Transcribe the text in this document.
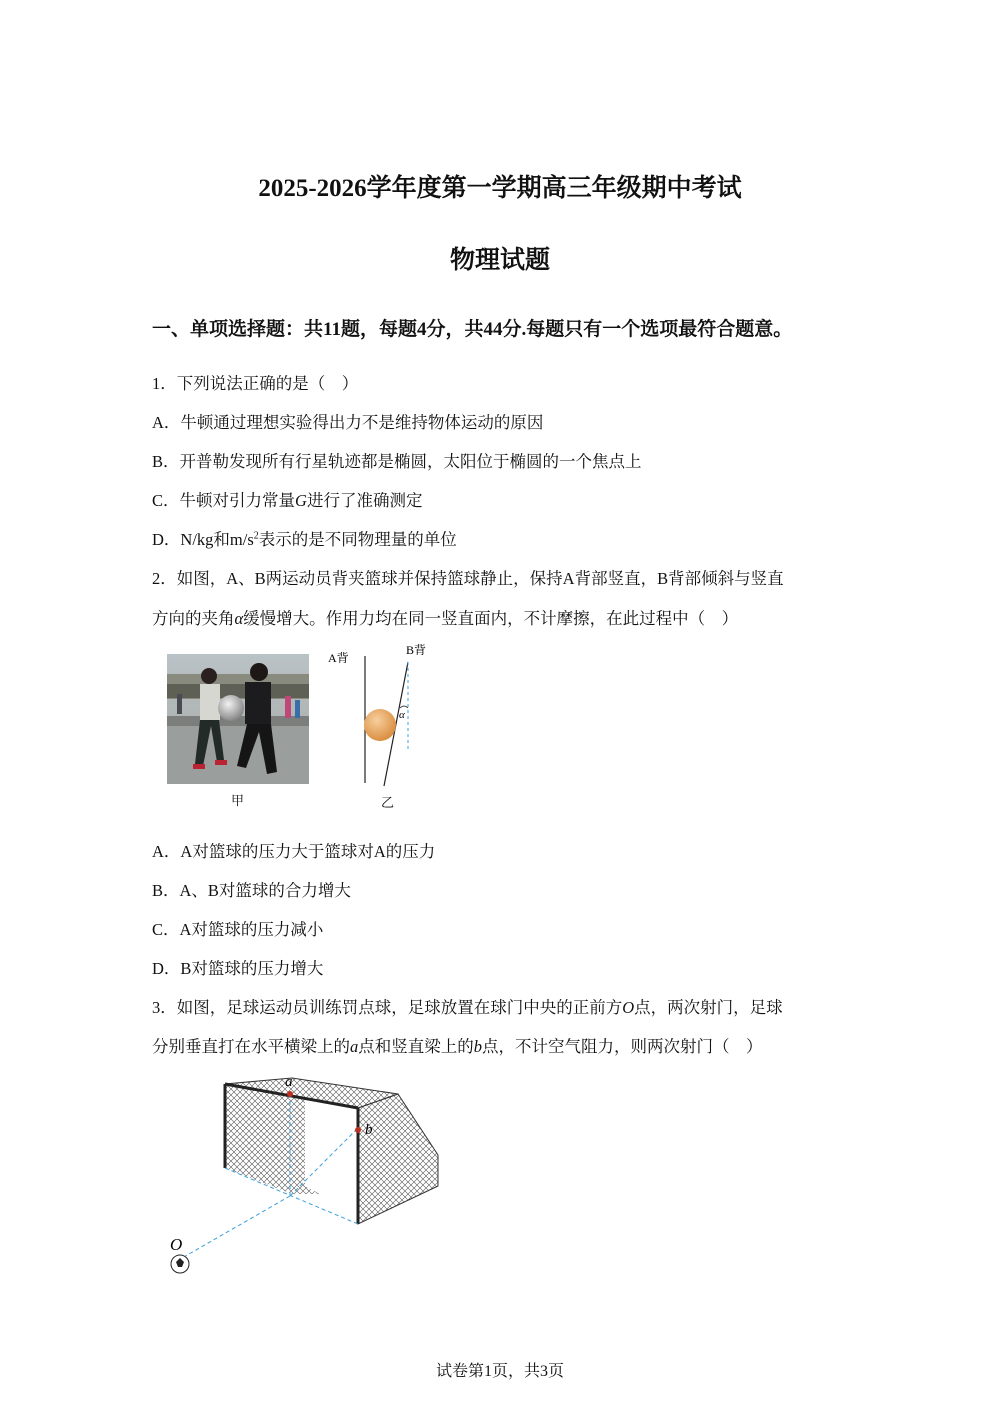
2025-2026学年度第一学期高三年级期中考试
物理试题
一、单项选择题：共11题，每题4分，共44分.每题只有一个选项最符合题意。
1．下列说法正确的是（　）
A．牛顿通过理想实验得出力不是维持物体运动的原因
B．开普勒发现所有行星轨迹都是椭圆，太阳位于椭圆的一个焦点上
C．牛顿对引力常量G进行了准确测定
D．N/kg和$m/s^2$表示的是不同物理量的单位
2．如图，A、B两运动员背夹篮球并保持篮球静止，保持A背部竖直，B背部倾斜与竖直
方向的夹角α缓慢增大。作用力均在同一竖直面内，不计摩擦，在此过程中（　）
甲
A背
B背
α
乙
A．A对篮球的压力大于篮球对A的压力
B．A、B对篮球的合力增大
C．A对篮球的压力减小
D．B对篮球的压力增大
3．如图，足球运动员训练罚点球，足球放置在球门中央的正前方O点，两次射门，足球
分别垂直打在水平横梁上的a点和竖直梁上的b点，不计空气阻力，则两次射门（　）
a
b
O
试卷第1页，共3页
